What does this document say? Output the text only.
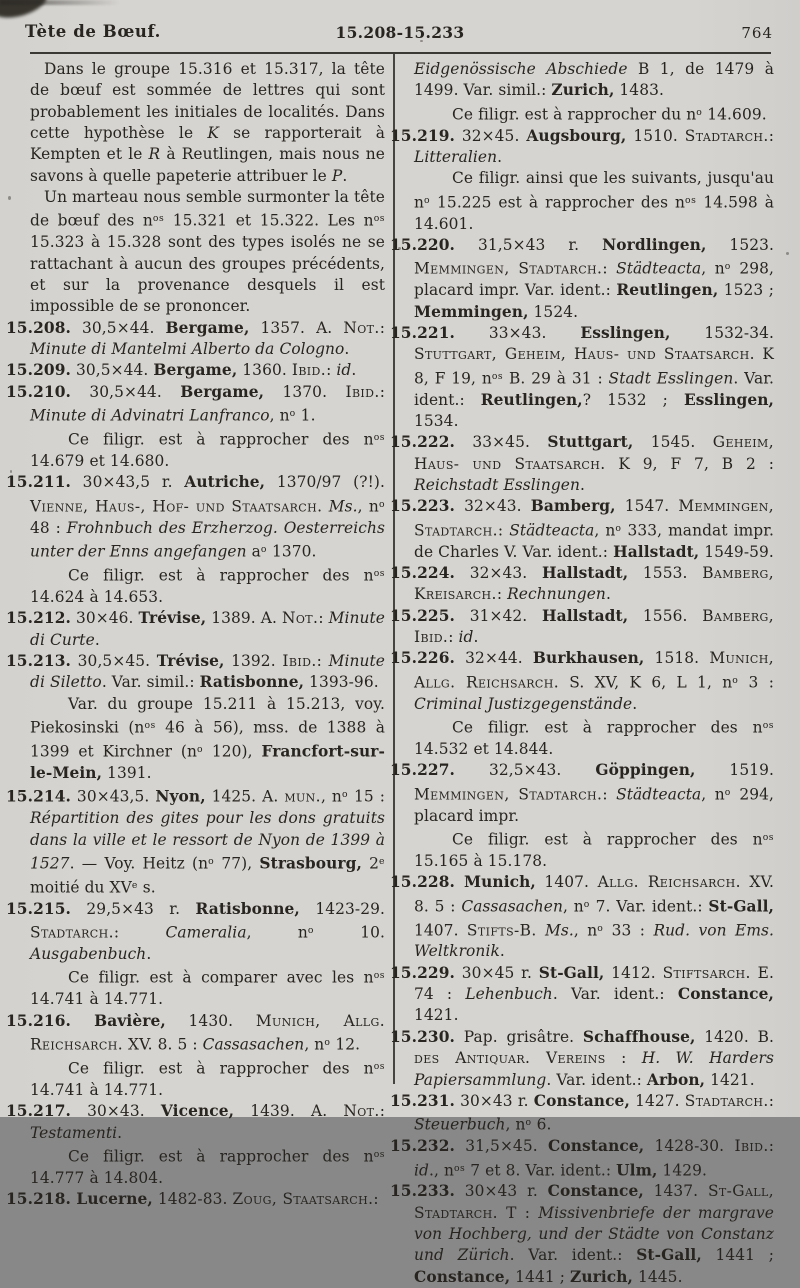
Tète de Bœuf.	15.208-15.233	764

Dans le groupe 15.316 et 15.317, la tête de bœuf est sommée de lettres qui sont probablement les initiales de localités. Dans cette hypothèse le K se rapporterait à Kempten et le R à Reutlingen, mais nous ne savons à quelle papeterie attribuer le P.

Un marteau nous semble surmonter la tête de bœuf des $n^{os}$ 15.321 et 15.322. Les $n^{os}$ 15.323 à 15.328 sont des types isolés ne se rattachant à aucun des groupes précédents, et sur la provenance desquels il est impossible de se prononcer.

15.208. 30,5×44. Bergame, 1357. A. Not.: Minute di Mantelmi Alberto da Cologno.

15.209. 30,5×44. Bergame, 1360. Ibid.: id.

15.210. 30,5×44. Bergame, 1370. Ibid.: Minute di Advinatri Lanfranco, $n^o$ 1.

Ce filigr. est à rapprocher des $n^{os}$ 14.679 et 14.680.

15.211. 30×43,5 r. Autriche, 1370/97 (?!). Vienne, Haus-, Hof- und Staatsarch. Ms., $n^o$ 48 : Frohnbuch des Erzherzog. Oesterreichs unter der Enns angefangen $a^o$ 1370.

Ce filigr. est à rapprocher des $n^{os}$ 14.624 à 14.653.

15.212. 30×46. Trévise, 1389. A. Not.: Minute di Curte.

15.213. 30,5×45. Trévise, 1392. Ibid.: Minute di Siletto. Var. simil.: Ratisbonne, 1393-96.

Var. du groupe 15.211 à 15.213, voy. Piekosinski ($n^{os}$ 46 à 56), mss. de 1388 à 1399 et Kirchner ($n^o$ 120), Francfort-sur-le-Mein, 1391.

15.214. 30×43,5. Nyon, 1425. A. mun., $n^o$ 15 : Répartition des gites pour les dons gratuits dans la ville et le ressort de Nyon de 1399 à 1527. — Voy. Heitz ($n^o$ 77), Strasbourg, 2e moitié du XVe s.

15.215. 29,5×43 r. Ratisbonne, 1423-29. Stadtarch.: Cameralia, $n^o$ 10. Ausgabenbuch.

Ce filigr. est à comparer avec les $n^{os}$ 14.741 à 14.771.

15.216. Bavière, 1430. Munich, Allg. Reichsarch. XV. 8. 5 : Cassasachen, $n^o$ 12.

Ce filigr. est à rapprocher des $n^{os}$ 14.741 à 14.771.

15.217. 30×43. Vicence, 1439. A. Not.: Testamenti.

Ce filigr. est à rapprocher des $n^{os}$ 14.777 à 14.804.

15.218. Lucerne, 1482-83. Zoug, Staatsarch.:

Eidgenössische Abschiede B 1, de 1479 à 1499. Var. simil.: Zurich, 1483.

Ce filigr. est à rapprocher du $n^o$ 14.609.

15.219. 32×45. Augsbourg, 1510. Stadtarch.: Litteralien.

Ce filigr. ainsi que les suivants, jusqu'au $n^o$ 15.225 est à rapprocher des $n^{os}$ 14.598 à 14.601.

15.220. 31,5×43 r. Nordlingen, 1523. Memmingen, Stadtarch.: Städteacta, $n^o$ 298, placard impr. Var. ident.: Reutlingen, 1523 ; Memmingen, 1524.

15.221. 33×43. Esslingen, 1532-34. Stuttgart, Geheim, Haus- und Staatsarch. K 8, F 19, $n^{os}$ B. 29 à 31 : Stadt Esslingen. Var. ident.: Reutlingen,? 1532 ; Esslingen, 1534.

15.222. 33×45. Stuttgart, 1545. Geheim, Haus- und Staatsarch. K 9, F 7, B 2 : Reichstadt Esslingen.

15.223. 32×43. Bamberg, 1547. Memmingen, Stadtarch.: Städteacta, $n^o$ 333, mandat impr. de Charles V. Var. ident.: Hallstadt, 1549-59.

15.224. 32×43. Hallstadt, 1553. Bamberg, Kreisarch.: Rechnungen.

15.225. 31×42. Hallstadt, 1556. Bamberg, Ibid.: id.

15.226. 32×44. Burkhausen, 1518. Munich, Allg. Reichsarch. S. XV, K 6, L 1, $n^o$ 3 : Criminal Justizgegenstände.

Ce filigr. est à rapprocher des $n^{os}$ 14.532 et 14.844.

15.227. 32,5×43. Göppingen, 1519. Memmingen, Stadtarch.: Städteacta, $n^o$ 294, placard impr.

Ce filigr. est à rapprocher des $n^{os}$ 15.165 à 15.178.

15.228. Munich, 1407. Allg. Reichsarch. XV. 8. 5 : Cassasachen, $n^o$ 7. Var. ident.: St-Gall, 1407. Stifts-B. Ms., $n^o$ 33 : Rud. von Ems. Weltkronik.

15.229. 30×45 r. St-Gall, 1412. Stiftsarch. E. 74 : Lehenbuch. Var. ident.: Constance, 1421.

15.230. Pap. grisâtre. Schaffhouse, 1420. B. des Antiquar. Vereins : H. W. Harders Papiersammlung. Var. ident.: Arbon, 1421.

15.231. 30×43 r. Constance, 1427. Stadtarch.: Steuerbuch, $n^o$ 6.

15.232. 31,5×45. Constance, 1428-30. Ibid.: id., $n^{os}$ 7 et 8. Var. ident.: Ulm, 1429.

15.233. 30×43 r. Constance, 1437. St-Gall, Stadtarch. T : Missivenbriefe der margrave von Hochberg, und der Städte von Constanz und Zürich. Var. ident.: St-Gall, 1441 ; Constance, 1441 ; Zurich, 1445.
